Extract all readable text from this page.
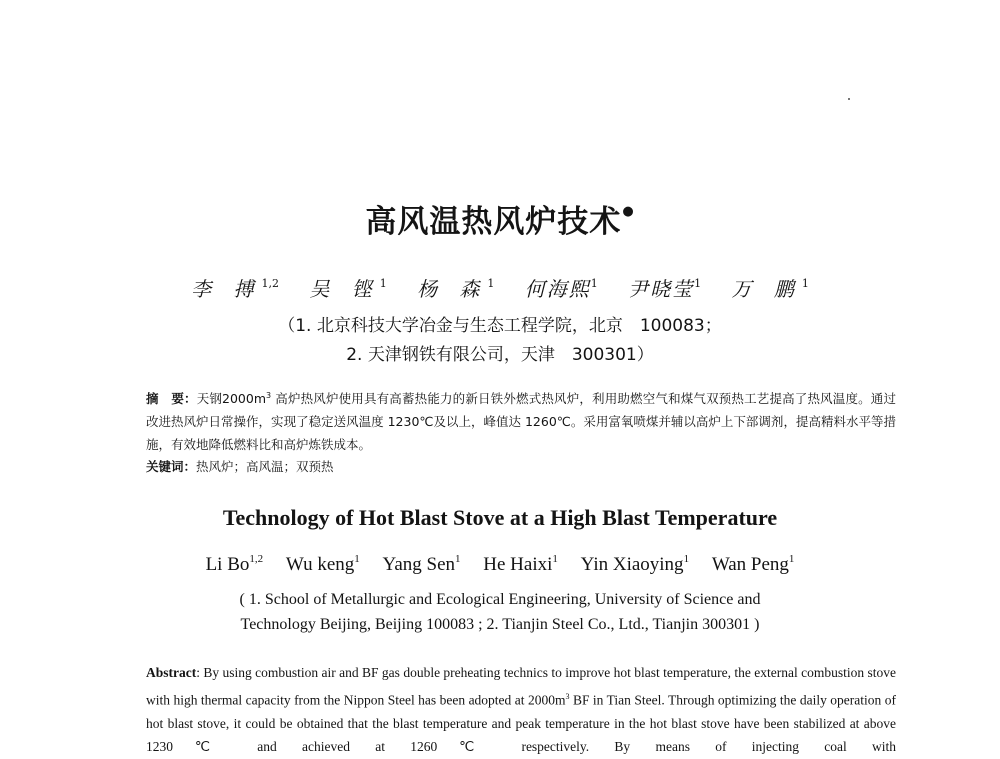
高风温热风炉技术●
李 搏$^{1,2}$ 吴 铿$^1$ 杨 森$^1$ 何海熙$^1$ 尹晓莹$^1$ 万 鹏$^1$
（1. 北京科技大学冶金与生态工程学院，北京　100083；
2. 天津钢铁有限公司，天津　300301）
摘　要：天钢$2000m^3$ 高炉热风炉使用具有高蓄热能力的新日铁外燃式热风炉，利用助燃空气和煤气双预热工艺提高了热风温度。通过改进热风炉日常操作，实现了稳定送风温度 1230℃及以上，峰值达 1260℃。采用富氧喷煤并辅以高炉上下部调剂，提高精料水平等措施，有效地降低燃料比和高炉炼铁成本。
关键词：热风炉；高风温；双预热
Technology of Hot Blast Stove at a High Blast Temperature
Li Bo$^{1,2}$ Wu keng$^1$ Yang Sen$^1$ He Haixi$^1$ Yin Xiaoying$^1$ Wan Peng$^1$
( 1. School of Metallurgic and Ecological Engineering, University of Science and
Technology Beijing, Beijing 100083 ; 2. Tianjin Steel Co., Ltd., Tianjin 300301 )
Abstract: By using combustion air and BF gas double preheating technics to improve hot blast temperature, the external combustion stove with high thermal capacity from the Nippon Steel has been adopted at $2000m^3$ BF in Tian Steel. Through optimizing the daily operation of hot blast stove, it could be obtained that the blast temperature and peak temperature in the hot blast stove have been stabilized at above 1230℃ and achieved at 1260℃ respectively. By means of injecting coal with
